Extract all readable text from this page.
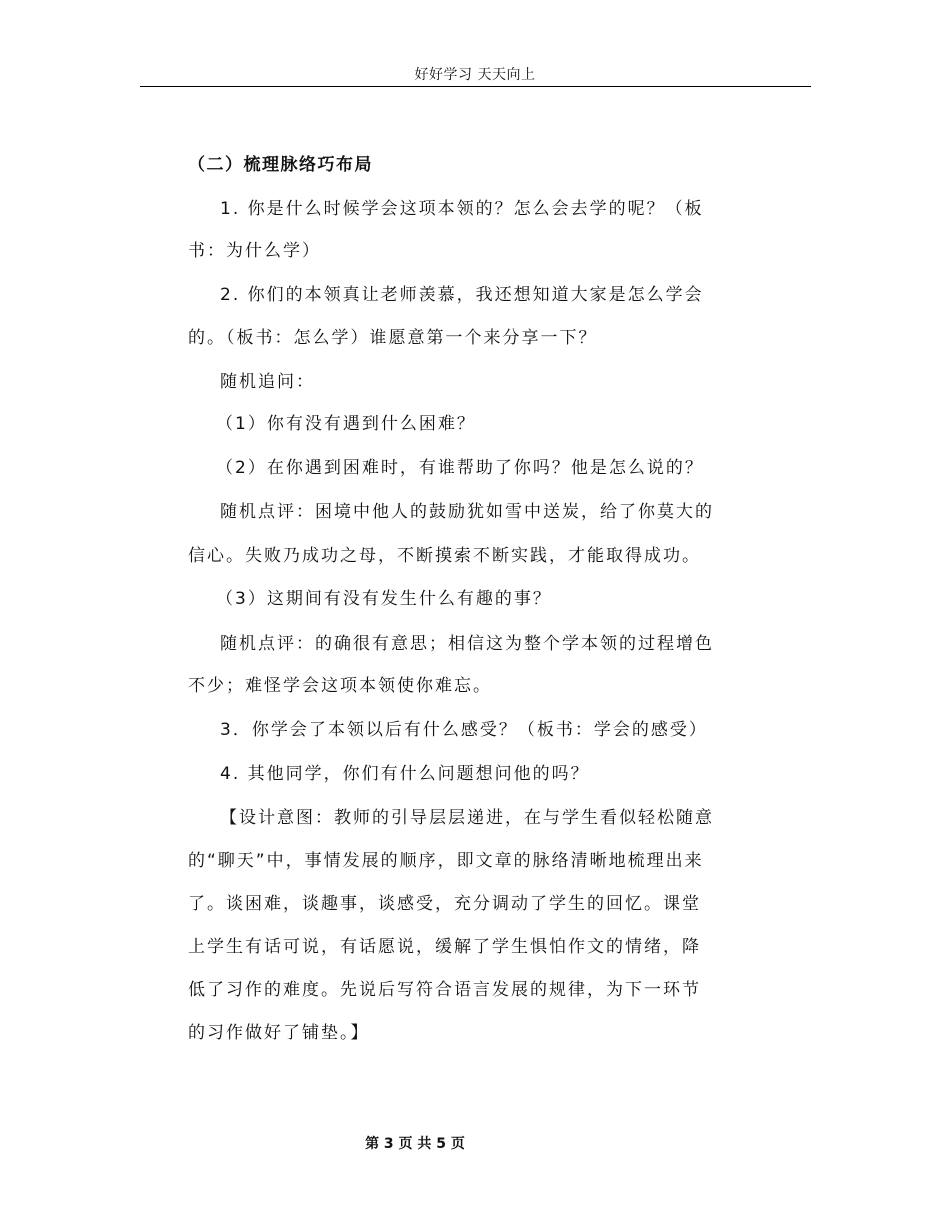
好好学习 天天向上
（二）梳理脉络巧布局
1. 你是什么时候学会这项本领的？怎么会去学的呢？（板
书：为什么学）
2. 你们的本领真让老师羡慕，我还想知道大家是怎么学会
的。（板书：怎么学）谁愿意第一个来分享一下？
随机追问：
（1）你有没有遇到什么困难？
（2）在你遇到困难时，有谁帮助了你吗？他是怎么说的？
随机点评：困境中他人的鼓励犹如雪中送炭，给了你莫大的
信心。失败乃成功之母，不断摸索不断实践，才能取得成功。
（3）这期间有没有发生什么有趣的事？
随机点评：的确很有意思；相信这为整个学本领的过程增色
不少；难怪学会这项本领使你难忘。
3．你学会了本领以后有什么感受？（板书：学会的感受）
4. 其他同学，你们有什么问题想问他的吗？
【设计意图：教师的引导层层递进，在与学生看似轻松随意
的“聊天”中，事情发展的顺序，即文章的脉络清晰地梳理出来
了。谈困难，谈趣事，谈感受，充分调动了学生的回忆。课堂
上学生有话可说，有话愿说，缓解了学生惧怕作文的情绪，降
低了习作的难度。先说后写符合语言发展的规律，为下一环节
的习作做好了铺垫。】
第 3 页 共 5 页
